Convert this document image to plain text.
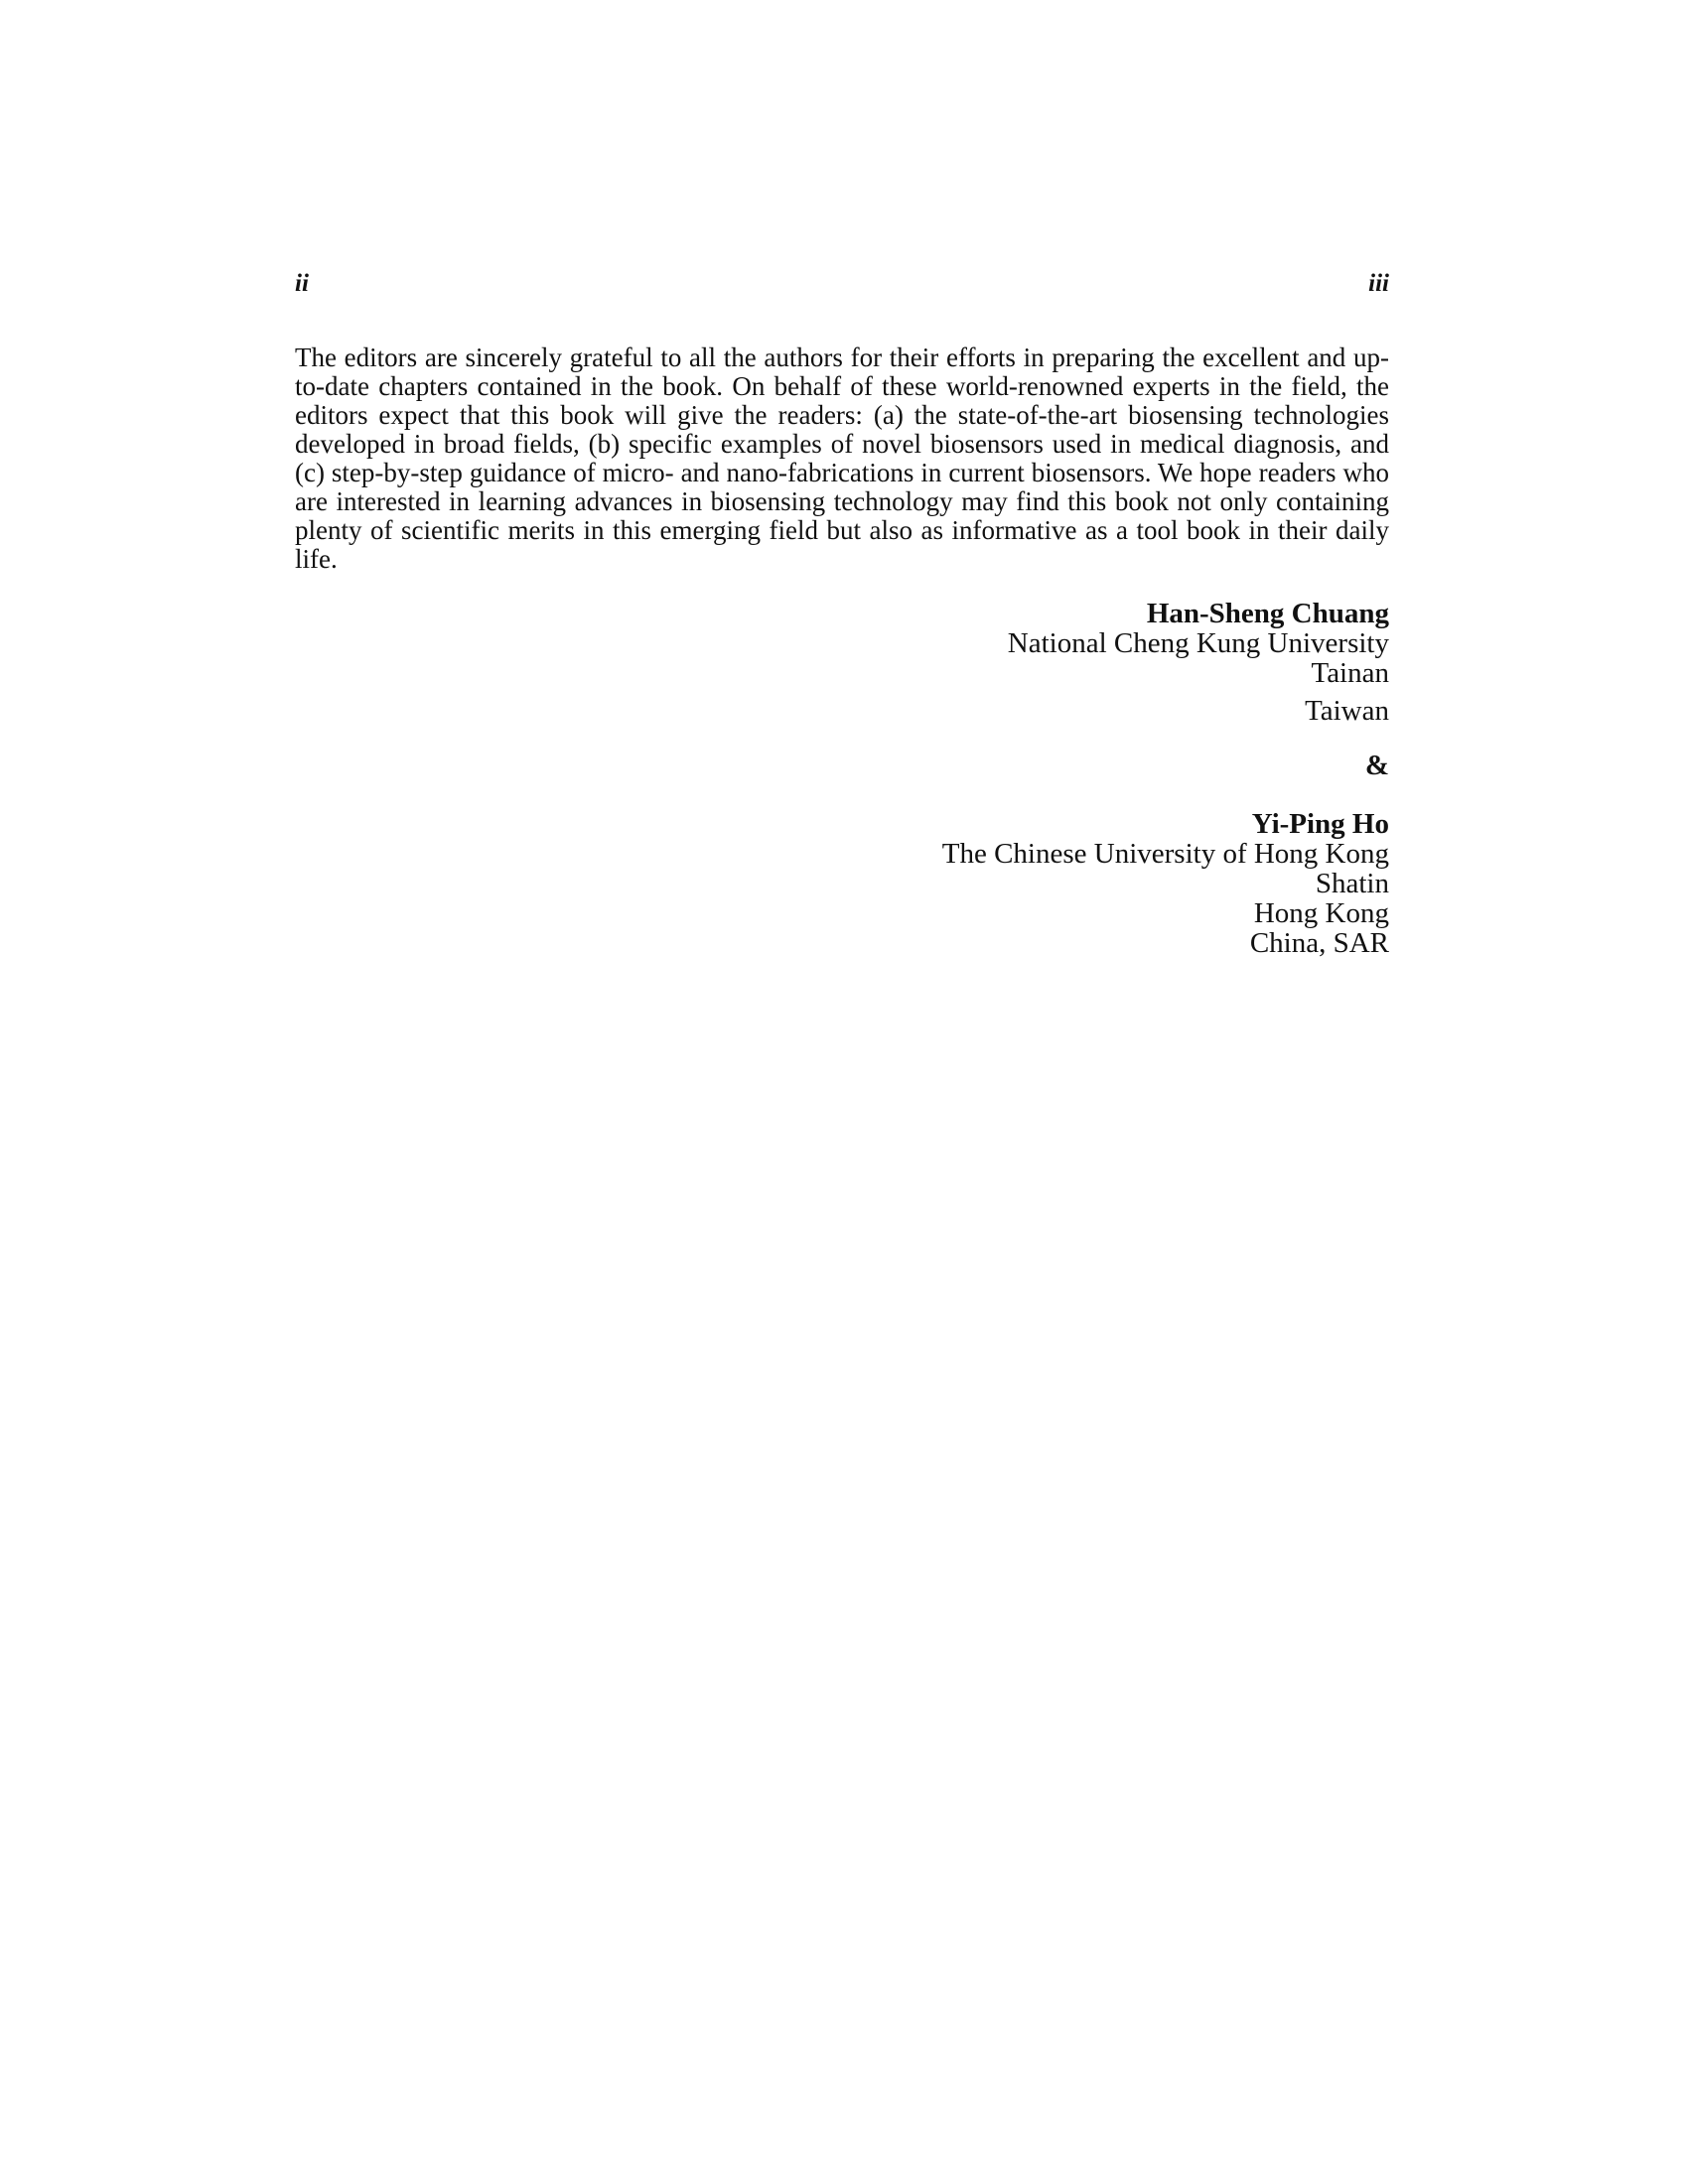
ii	iii

The editors are sincerely grateful to all the authors for their efforts in preparing the excellent and up-to-date chapters contained in the book. On behalf of these world-renowned experts in the field, the editors expect that this book will give the readers: (a) the state-of-the-art biosensing technologies developed in broad fields, (b) specific examples of novel biosensors used in medical diagnosis, and (c) step-by-step guidance of micro- and nano-fabrications in current biosensors. We hope readers who are interested in learning advances in biosensing technology may find this book not only containing plenty of scientific merits in this emerging field but also as informative as a tool book in their daily life.

Han-Sheng Chuang
National Cheng Kung University
Tainan
Taiwan
&
Yi-Ping Ho
The Chinese University of Hong Kong
Shatin
Hong Kong
China, SAR
